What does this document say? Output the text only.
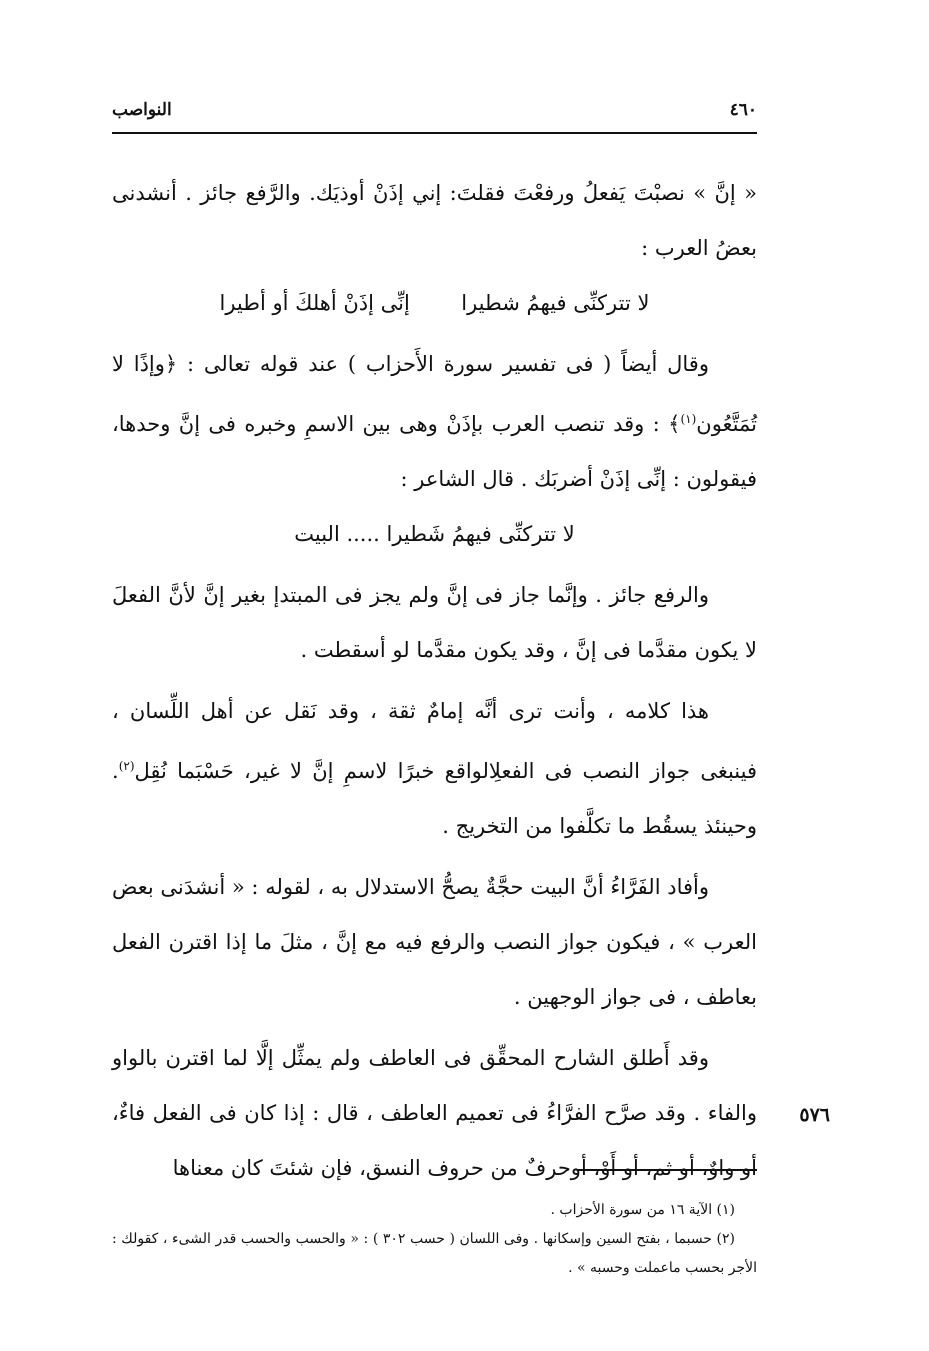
٤٦٠
النواصب

« إنَّ » نصبْتَ يَفعلُ ورفعْتَ فقلتَ: إني إذَنْ أوذيَك. والرَّفع جائز . أنشدنى بعضُ العرب :

لا تتركنِّى فيهمُ شطيرا  إنِّى إذَنْ أهلكَ أو أطيرا

وقال أيضاً ( فى تفسير سورة الأَحزاب ) عند قوله تعالى : ﴿وإذًا لا تُمَتَّعُون$^{(١)}$﴾ : وقد تنصب العرب بإذَنْ وهى بين الاسمِ وخبره فى إنَّ وحدها، فيقولون : إنِّى إذَنْ أضربَك . قال الشاعر :

لا تتركنِّى فيهمُ شَطيرا ..... البيت

والرفع جائز . وإنَّما جاز فى إنَّ ولم يجز فى المبتدإ بغير إنَّ لأنَّ الفعلَ لا يكون مقدَّما فى إنَّ ، وقد يكون مقدَّما لو أسقطت .

هذا كلامه ، وأنت ترى أنَّه إمامٌ ثقة ، وقد نَقل عن أهل اللِّسان ، فينبغى جواز النصب فى الفعلِالواقع خبرًا لاسمِ إنَّ لا غير، حَسْبَما نُقِل$^{(٢)}$. وحينئذ يسقُط ما تكلَّفوا من التخريج .

وأفاد الفَرَّاءُ أنَّ البيت حجَّةٌ يصحُّ الاستدلال به ، لقوله : « أنشدَنى بعض العرب » ، فيكون جواز النصب والرفع فيه مع إنَّ ، مثلَ ما إذا اقترن الفعل بعاطف ، فى جواز الوجهين .

وقد أَطلق الشارح المحقِّق فى العاطف ولم يمثِّل إلَّا لما اقترن بالواو والفاء . وقد صرَّح الفرَّاءُ فى تعميم العاطف ، قال : إذا كان فى الفعل فاءٌ، أو واوٌ، أو ثم، أو أَوْ، أوحرفٌ من حروف النسق، فإن شئتَ كان معناها

٥٧٦

(١) الآية ١٦ من سورة الأحزاب .

(٢) حسبما ، بفتح السين وإسكانها . وفى اللسان ( حسب ٣٠٢ ) : « والحسب والحسب قدر الشىء ، كقولك : الأجر بحسب ماعملت وحسبه » .
